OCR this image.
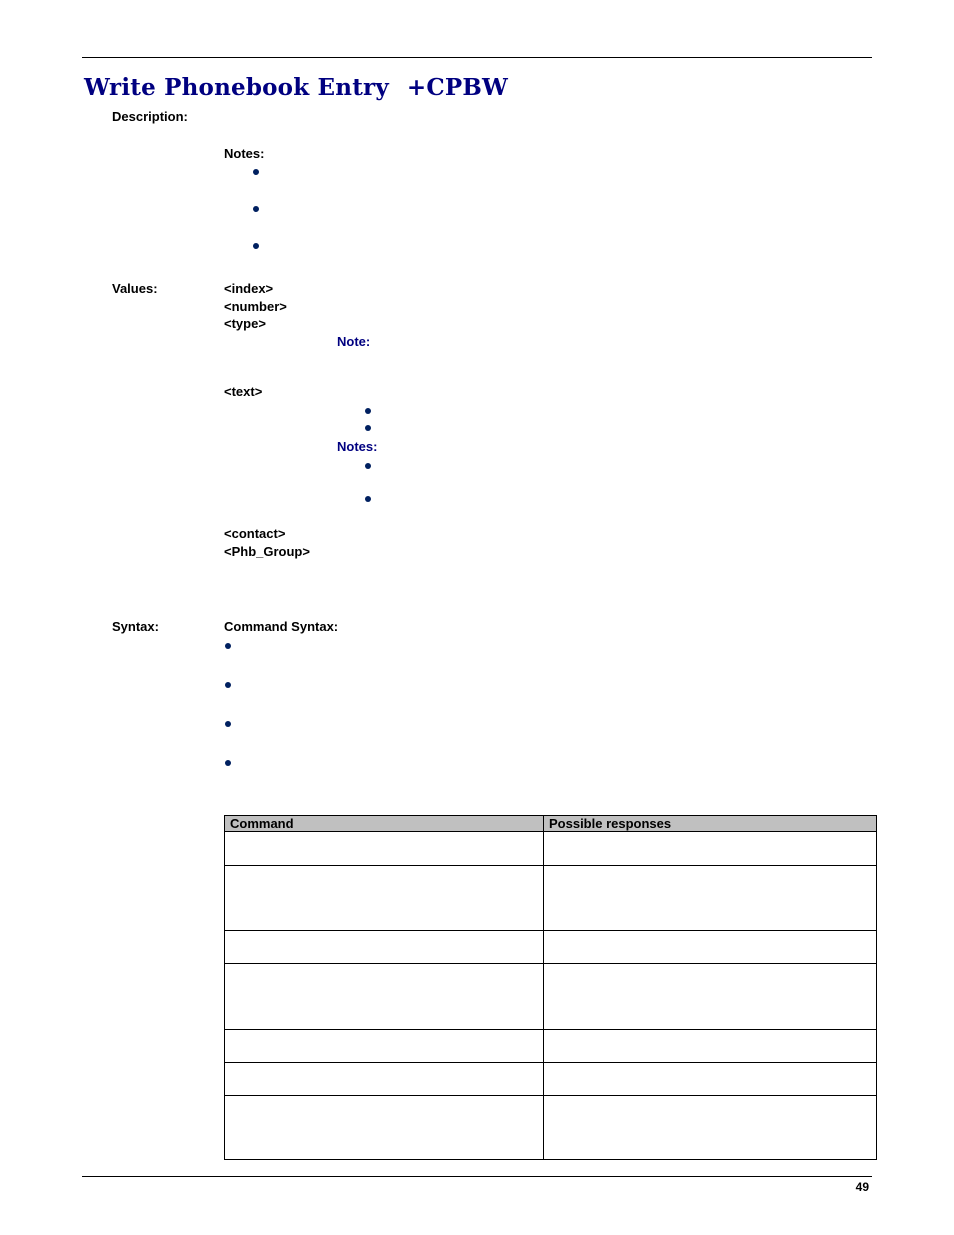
Write Phonebook Entry +CPBW
Description:
Notes:
Values:	<index>
<number>
<type>
Note:
<text>
Notes:
<contact>
<Phb_Group>
Syntax:	Command Syntax:
Command	Possible responses

49
